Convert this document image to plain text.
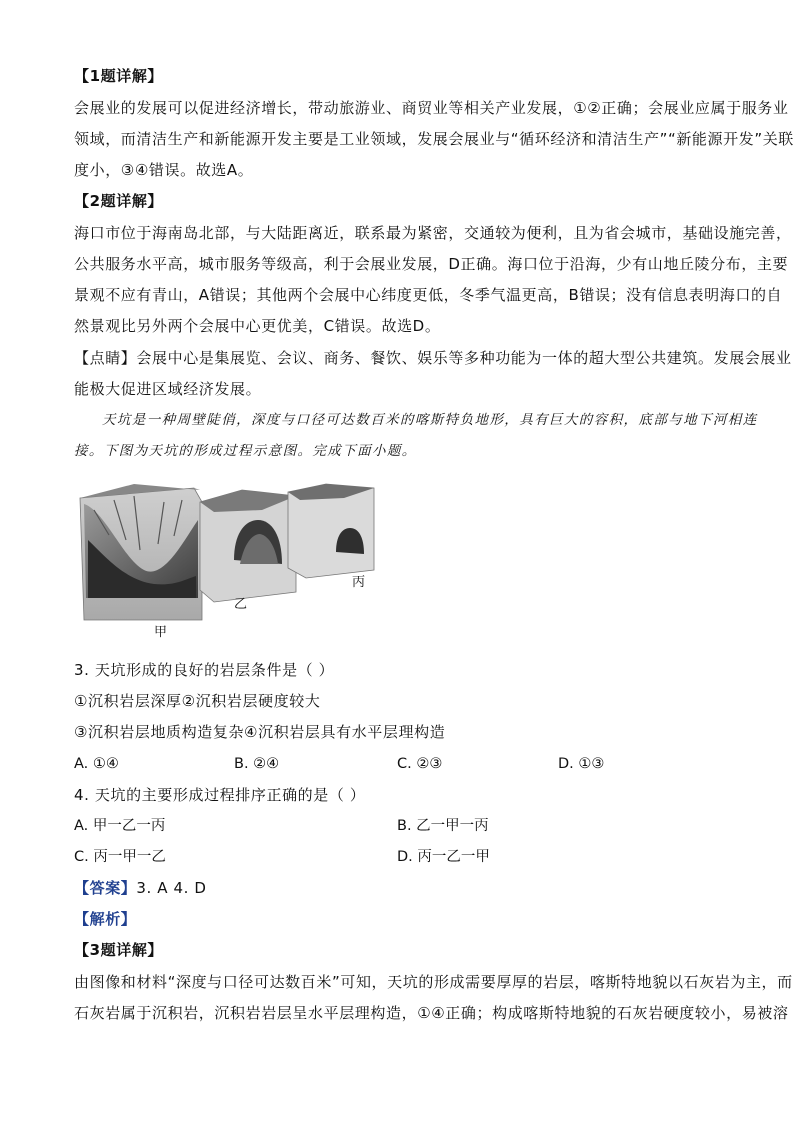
【1题详解】
会展业的发展可以促进经济增长，带动旅游业、商贸业等相关产业发展，①②正确；会展业应属于服务业
领域，而清洁生产和新能源开发主要是工业领域，发展会展业与“循环经济和清洁生产”“新能源开发”关联
度小，③④错误。故选A。
【2题详解】
海口市位于海南岛北部，与大陆距离近，联系最为紧密，交通较为便利，且为省会城市，基础设施完善，
公共服务水平高，城市服务等级高，利于会展业发展，D正确。海口位于沿海，少有山地丘陵分布，主要
景观不应有青山，A错误；其他两个会展中心纬度更低，冬季气温更高，B错误；没有信息表明海口的自
然景观比另外两个会展中心更优美，C错误。故选D。
【点睛】会展中心是集展览、会议、商务、餐饮、娱乐等多种功能为一体的超大型公共建筑。发展会展业
能极大促进区域经济发展。
天坑是一种周壁陡俏，深度与口径可达数百米的喀斯特负地形，具有巨大的容积，底部与地下河相连
接。下图为天坑的形成过程示意图。完成下面小题。
甲
乙
丙
3. 天坑形成的良好的岩层条件是（ ）
①沉积岩层深厚②沉积岩层硬度较大
③沉积岩层地质构造复杂④沉积岩层具有水平层理构造
A. ①④	B. ②④	C. ②③	D. ①③
4. 天坑的主要形成过程排序正确的是（ ）
A. 甲一乙一丙	B. 乙一甲一丙
C. 丙一甲一乙	D. 丙一乙一甲
【答案】3. A 4. D
【解析】
【3题详解】
由图像和材料“深度与口径可达数百米”可知，天坑的形成需要厚厚的岩层，喀斯特地貌以石灰岩为主，而
石灰岩属于沉积岩，沉积岩岩层呈水平层理构造，①④正确；构成喀斯特地貌的石灰岩硬度较小，易被溶
